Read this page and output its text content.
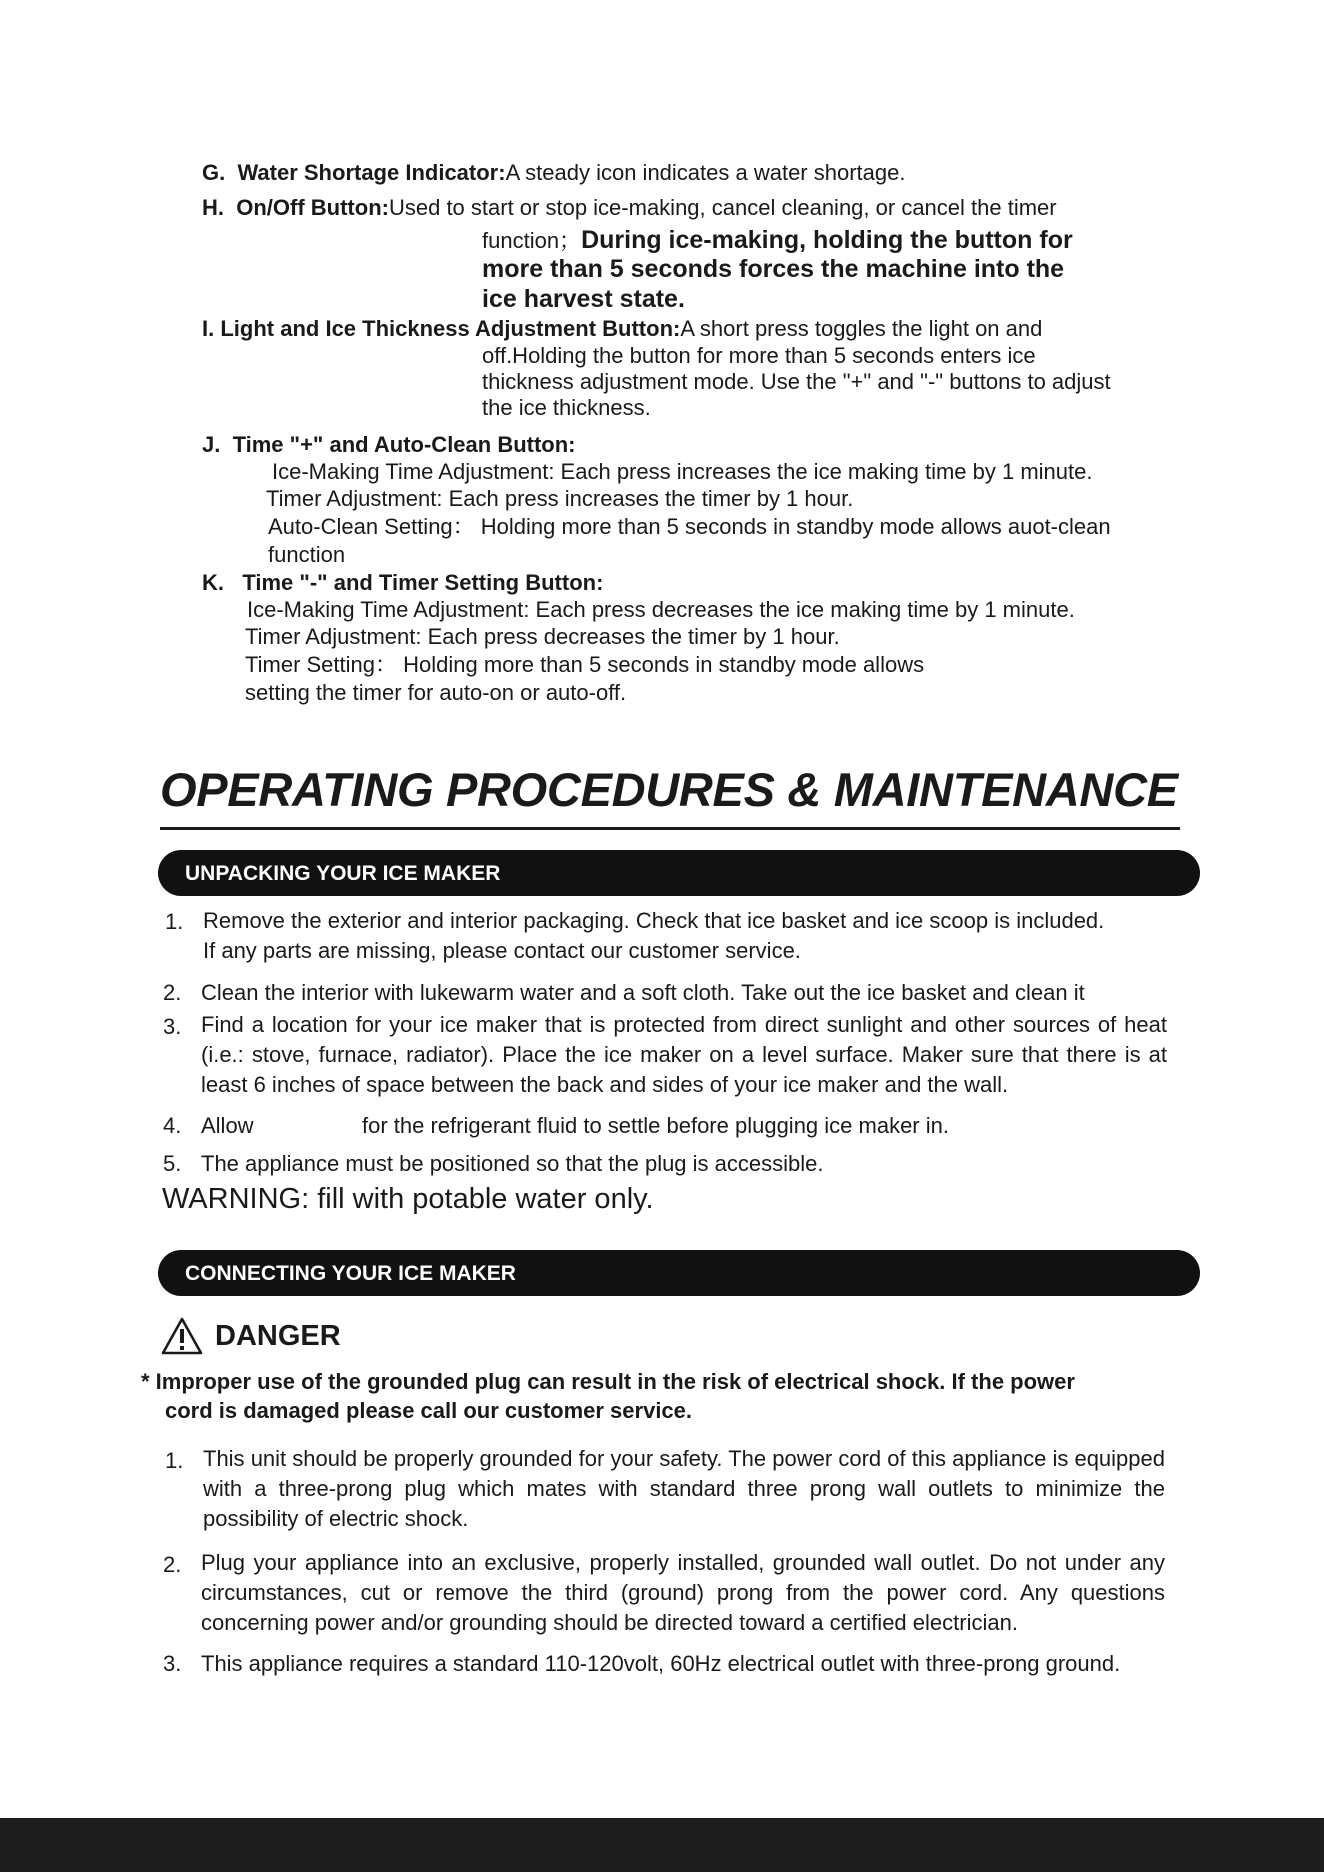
G. Water Shortage Indicator:A steady icon indicates a water shortage.
H. On/Off Button:Used to start or stop ice-making, cancel cleaning, or cancel the timer
function；During ice-making, holding the button for
more than 5 seconds forces the machine into the
ice harvest state.
I. Light and Ice Thickness Adjustment Button:A short press toggles the light on and
off.Holding the button for more than 5 seconds enters ice
thickness adjustment mode. Use the "+" and "-" buttons to adjust
the ice thickness.
J. Time "+" and Auto-Clean Button:
Ice-Making Time Adjustment: Each press increases the ice making time by 1 minute.
Timer Adjustment: Each press increases the timer by 1 hour.
Auto-Clean Setting： Holding more than 5 seconds in standby mode allows auot-clean
function
K. Time "-" and Timer Setting Button:
Ice-Making Time Adjustment: Each press decreases the ice making time by 1 minute.
Timer Adjustment: Each press decreases the timer by 1 hour.
Timer Setting： Holding more than 5 seconds in standby mode allows
setting the timer for auto-on or auto-off.
OPERATING PROCEDURES & MAINTENANCE
UNPACKING YOUR ICE MAKER
1. Remove the exterior and interior packaging. Check that ice basket and ice scoop is included.
If any parts are missing, please contact our customer service.
2. Clean the interior with lukewarm water and a soft cloth. Take out the ice basket and clean it
3. Find a location for your ice maker that is protected from direct sunlight and other sources of heat (i.e.: stove, furnace, radiator). Place the ice maker on a level surface. Maker sure that there is at least 6 inches of space between the back and sides of your ice maker and the wall.
4. Allow	for the refrigerant fluid to settle before plugging ice maker in.
5. The appliance must be positioned so that the plug is accessible.
WARNING: fill with potable water only.
CONNECTING YOUR ICE MAKER
DANGER
* Improper use of the grounded plug can result in the risk of electrical shock. If the power
cord is damaged please call our customer service.
1. This unit should be properly grounded for your safety. The power cord of this appliance is equipped with a three-prong plug which mates with standard three prong wall outlets to minimize the possibility of electric shock.
2. Plug your appliance into an exclusive, properly installed, grounded wall outlet. Do not under any circumstances, cut or remove the third (ground) prong from the power cord. Any questions concerning power and/or grounding should be directed toward a certified electrician.
3. This appliance requires a standard 110-120volt, 60Hz electrical outlet with three-prong ground.
